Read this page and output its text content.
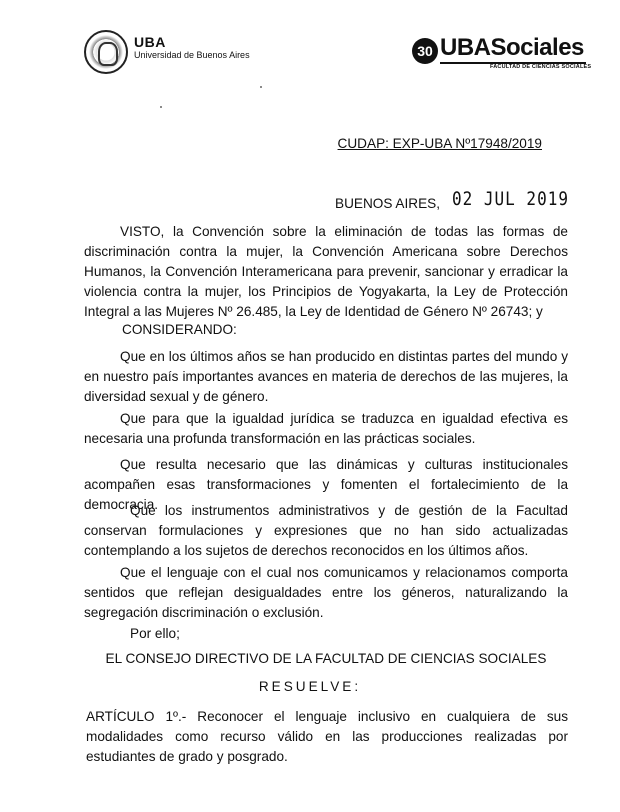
UBA
Universidad de Buenos Aires	30 UBASociales
FACULTAD DE CIENCIAS SOCIALES
CUDAP: EXP-UBA Nº17948/2019
BUENOS AIRES, 02 JUL 2019
VISTO, la Convención sobre la eliminación de todas las formas de discriminación contra la mujer, la Convención Americana sobre Derechos Humanos, la Convención Interamericana para prevenir, sancionar y erradicar la violencia contra la mujer, los Principios de Yogyakarta, la Ley de Protección Integral a las Mujeres Nº 26.485, la Ley de Identidad de Género Nº 26743; y
CONSIDERANDO:
Que en los últimos años se han producido en distintas partes del mundo y en nuestro país importantes avances en materia de derechos de las mujeres, la diversidad sexual y de género.
Que para que la igualdad jurídica se traduzca en igualdad efectiva es necesaria una profunda transformación en las prácticas sociales.
Que resulta necesario que las dinámicas y culturas institucionales acompañen esas transformaciones y fomenten el fortalecimiento de la democracia.
Que los instrumentos administrativos y de gestión de la Facultad conservan formulaciones y expresiones que no han sido actualizadas contemplando a los sujetos de derechos reconocidos en los últimos años.
Que el lenguaje con el cual nos comunicamos y relacionamos comporta sentidos que reflejan desigualdades entre los géneros, naturalizando la segregación discriminación o exclusión.
Por ello;
EL CONSEJO DIRECTIVO DE LA FACULTAD DE CIENCIAS SOCIALES
RESUELVE:
ARTÍCULO 1º.- Reconocer el lenguaje inclusivo en cualquiera de sus modalidades como recurso válido en las producciones realizadas por estudiantes de grado y posgrado.
